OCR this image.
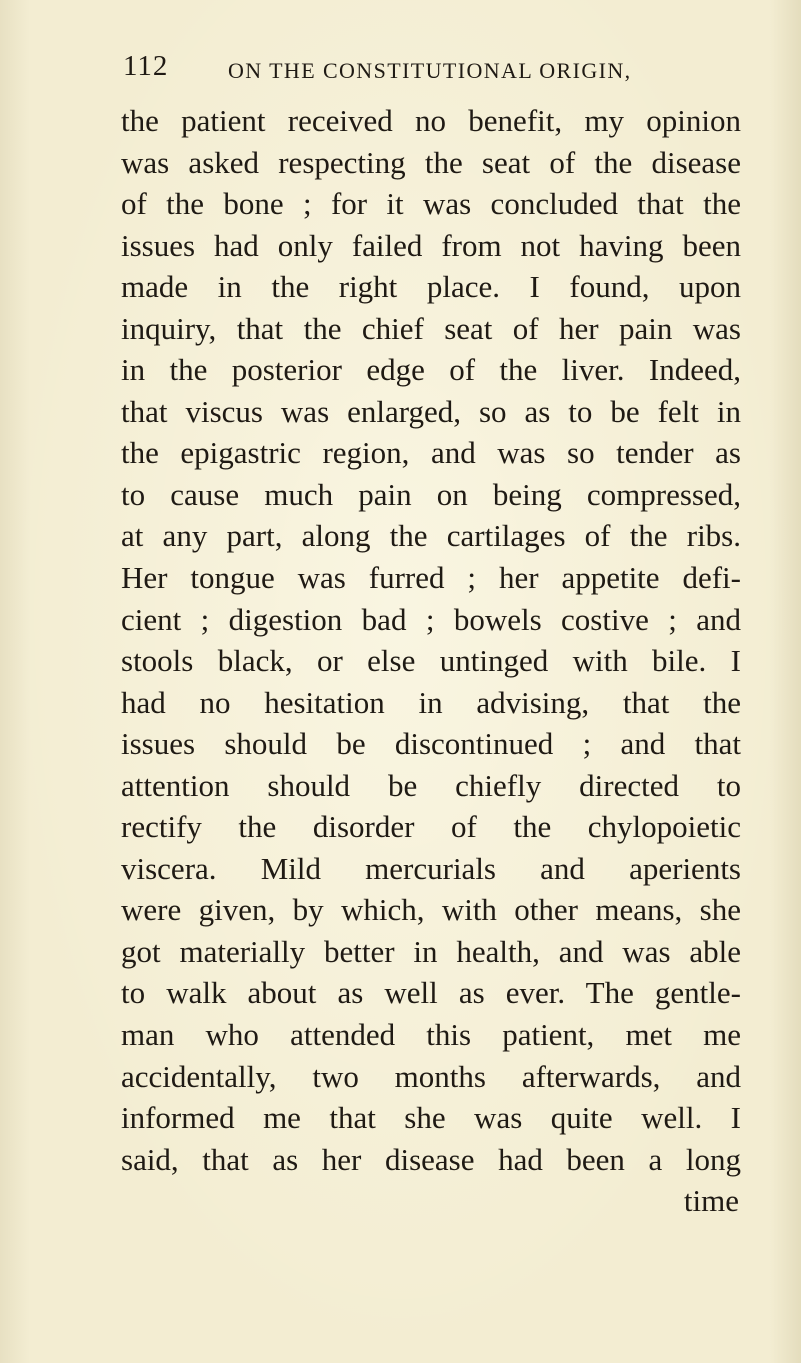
112	ON THE CONSTITUTIONAL ORIGIN,
the patient received no benefit, my opinion
was asked respecting the seat of the disease
of the bone ; for it was concluded that the
issues had only failed from not having been
made in the right place. I found, upon
inquiry, that the chief seat of her pain was
in the posterior edge of the liver. Indeed,
that viscus was enlarged, so as to be felt in
the epigastric region, and was so tender as
to cause much pain on being compressed,
at any part, along the cartilages of the ribs.
Her tongue was furred ; her appetite defi-
cient ; digestion bad ; bowels costive ; and
stools black, or else untinged with bile. I
had no hesitation in advising, that the
issues should be discontinued ; and that
attention should be chiefly directed to
rectify the disorder of the chylopoietic
viscera. Mild mercurials and aperients
were given, by which, with other means, she
got materially better in health, and was able
to walk about as well as ever. The gentle-
man who attended this patient, met me
accidentally, two months afterwards, and
informed me that she was quite well. I
said, that as her disease had been a long
time
